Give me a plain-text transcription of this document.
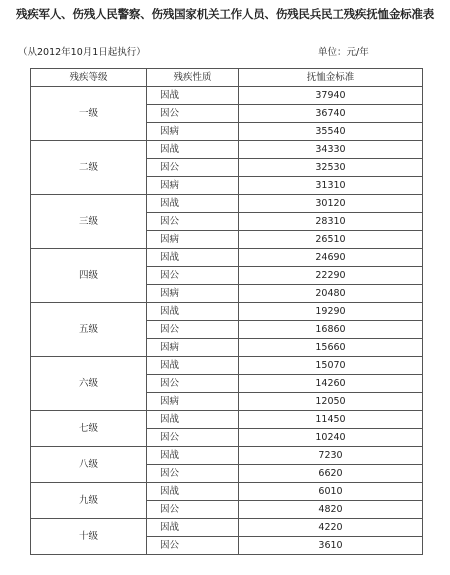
残疾军人、伤残人民警察、伤残国家机关工作人员、伤残民兵民工残疾抚恤金标准表
（从2012年10月1日起执行）	单位：元/年
残疾等级	残疾性质	抚恤金标准
一级	因战	37940
	因公	36740
	因病	35540
二级	因战	34330
	因公	32530
	因病	31310
三级	因战	30120
	因公	28310
	因病	26510
四级	因战	24690
	因公	22290
	因病	20480
五级	因战	19290
	因公	16860
	因病	15660
六级	因战	15070
	因公	14260
	因病	12050
七级	因战	11450
	因公	10240
八级	因战	7230
	因公	6620
九级	因战	6010
	因公	4820
十级	因战	4220
	因公	3610
